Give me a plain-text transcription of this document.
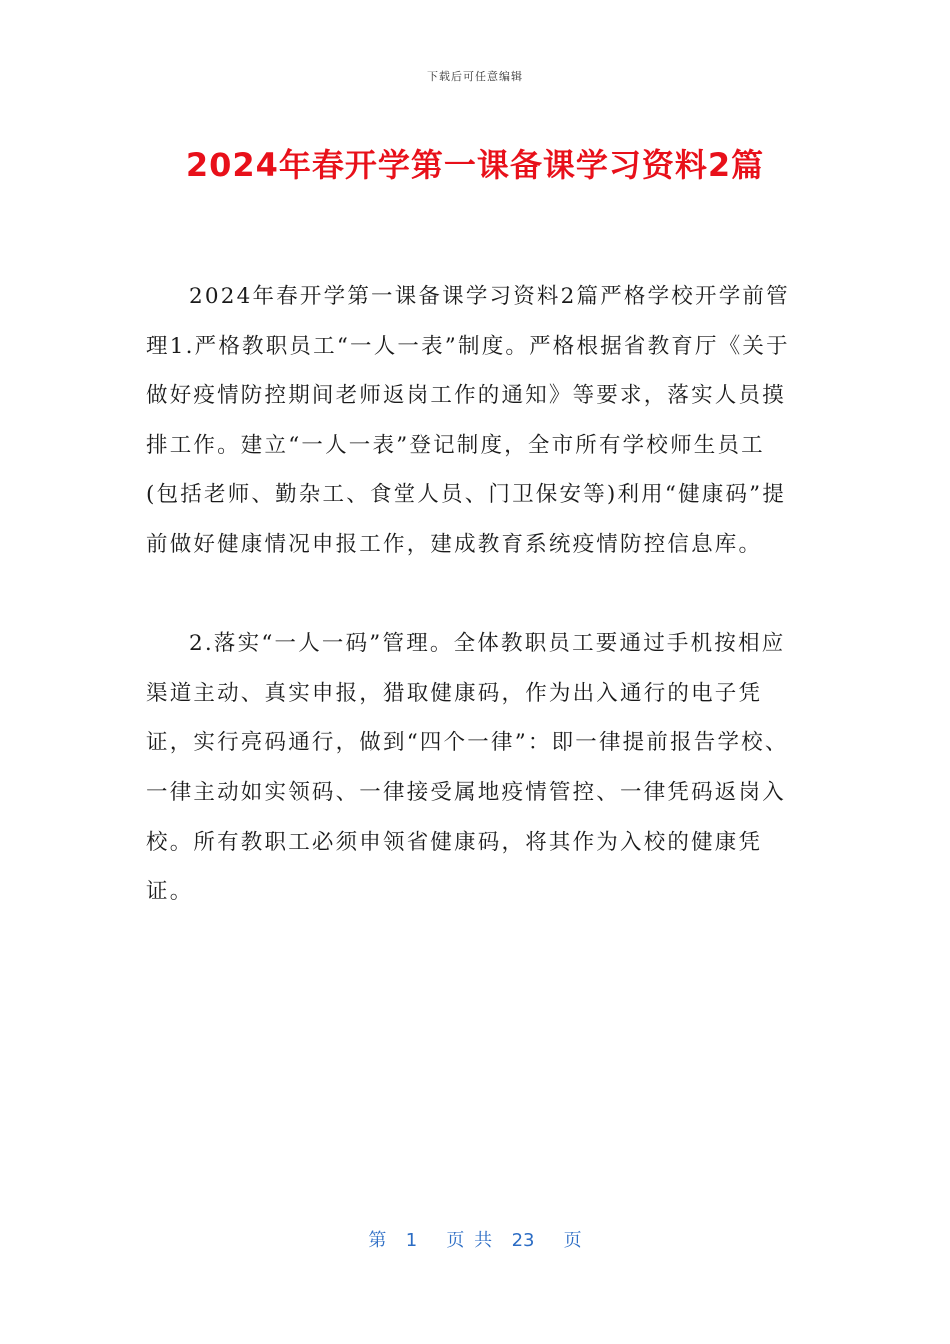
下载后可任意编辑
2024年春开学第一课备课学习资料2篇

2024年春开学第一课备课学习资料2篇严格学校开学前管理1.严格教职员工“一人一表”制度。严格根据省教育厅《关于做好疫情防控期间老师返岗工作的通知》等要求，落实人员摸排工作。建立“一人一表”登记制度，全市所有学校师生员工(包括老师、勤杂工、食堂人员、门卫保安等)利用“健康码”提前做好健康情况申报工作，建成教育系统疫情防控信息库。

2.落实“一人一码”管理。全体教职员工要通过手机按相应渠道主动、真实申报，猎取健康码，作为出入通行的电子凭证，实行亮码通行，做到“四个一律”：即一律提前报告学校、一律主动如实领码、一律接受属地疫情管控、一律凭码返岗入校。所有教职工必须申领省健康码，将其作为入校的健康凭证。

第  1   页 共  23   页
